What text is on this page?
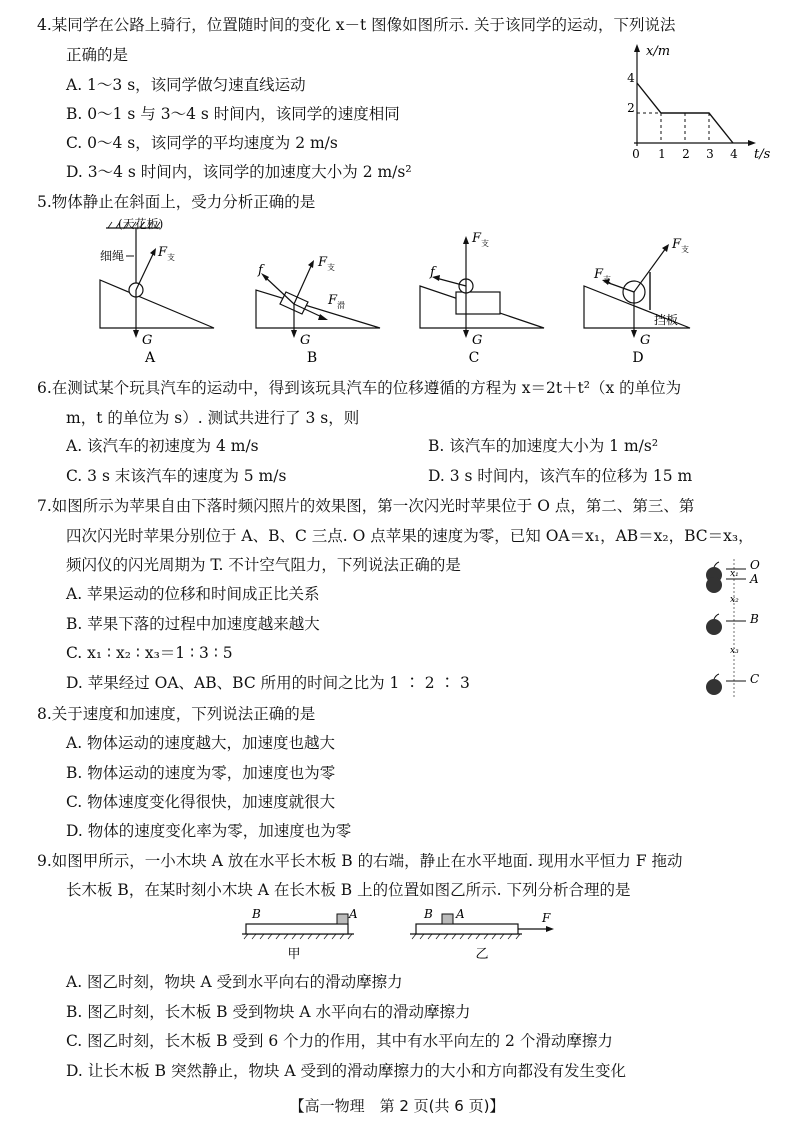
4.某同学在公路上骑行，位置随时间的变化 x－t 图像如图所示. 关于该同学的运动，下列说法
正确的是
A. 1～3 s，该同学做匀速直线运动
B. 0～1 s 与 3～4 s 时间内，该同学的速度相同
C. 0～4 s，该同学的平均速度为 2 m/s
D. 3～4 s 时间内，该同学的加速度大小为 2 m/s²
x/m
t/s
0
2
4
1 2 3 4
5.物体静止在斜面上，受力分析正确的是
(天花板)
细绳	F 支
G
A
f
F 支
F 滑
G
B
F 支
f
G
C
挡板
F 支
F 支
G
D
6.在测试某个玩具汽车的运动中，得到该玩具汽车的位移遵循的方程为 x＝2t＋t²（x 的单位为
m，t 的单位为 s）. 测试共进行了 3 s，则
A. 该汽车的初速度为 4 m/s	B. 该汽车的加速度大小为 1 m/s²
C. 3 s 末该汽车的速度为 5 m/s	D. 3 s 时间内，该汽车的位移为 15 m
7.如图所示为苹果自由下落时频闪照片的效果图，第一次闪光时苹果位于 O 点，第二、第三、第
四次闪光时苹果分别位于 A、B、C 三点. O 点苹果的速度为零，已知 OA＝x₁，AB＝x₂，BC＝x₃，
频闪仪的闪光周期为 T. 不计空气阻力，下列说法正确的是
A. 苹果运动的位移和时间成正比关系
B. 苹果下落的过程中加速度越来越大
C. x₁ ∶ x₂ ∶ x₃＝1 ∶ 3 ∶ 5
D. 苹果经过 OA、AB、BC 所用的时间之比为 1 ∶ 2 ∶ 3
O
A
B
C
x₁
x₂
x₃
8.关于速度和加速度，下列说法正确的是
A. 物体运动的速度越大，加速度也越大
B. 物体运动的速度为零，加速度也为零
C. 物体速度变化得很快，加速度就很大
D. 物体的速度变化率为零，加速度也为零
9.如图甲所示，一小木块 A 放在水平长木板 B 的右端，静止在水平地面. 现用水平恒力 F 拖动
长木板 B，在某时刻小木块 A 在长木板 B 上的位置如图乙所示. 下列分析合理的是
B	A
甲
B A	F
乙
A. 图乙时刻，物块 A 受到水平向右的滑动摩擦力
B. 图乙时刻，长木板 B 受到物块 A 水平向右的滑动摩擦力
C. 图乙时刻，长木板 B 受到 6 个力的作用，其中有水平向左的 2 个滑动摩擦力
D. 让长木板 B 突然静止，物块 A 受到的滑动摩擦力的大小和方向都没有发生变化
【高一物理　第 2 页(共 6 页)】
